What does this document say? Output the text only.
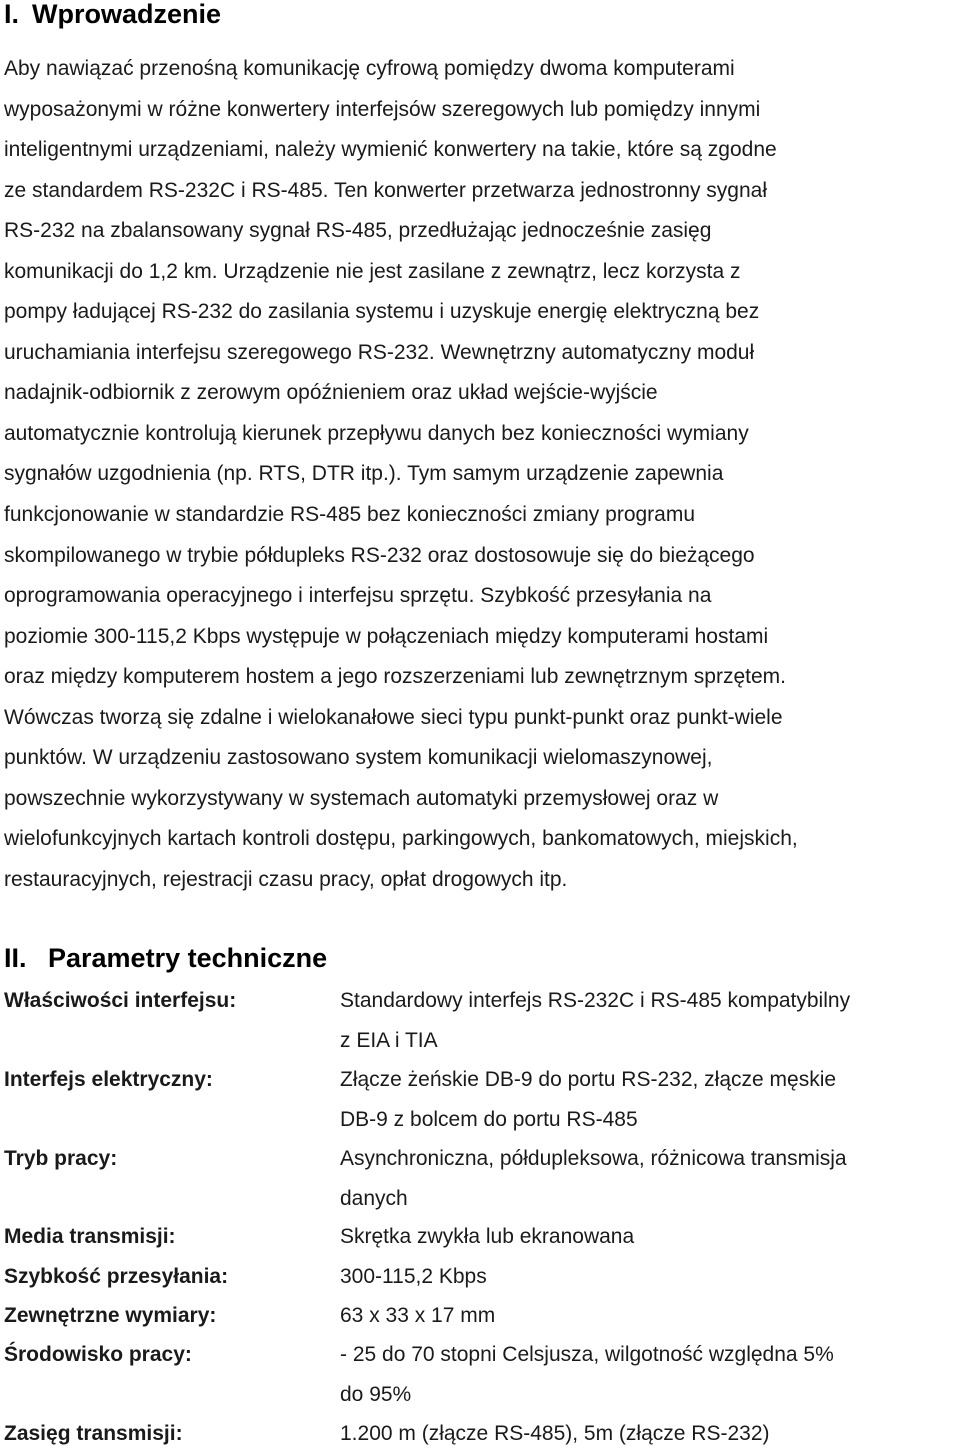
I. Wprowadzenie

Aby nawiązać przenośną komunikację cyfrową pomiędzy dwoma komputerami
wyposażonymi w różne konwertery interfejsów szeregowych lub pomiędzy innymi
inteligentnymi urządzeniami, należy wymienić konwertery na takie, które są zgodne
ze standardem RS-232C i RS-485. Ten konwerter przetwarza jednostronny sygnał
RS-232 na zbalansowany sygnał RS-485, przedłużając jednocześnie zasięg
komunikacji do 1,2 km. Urządzenie nie jest zasilane z zewnątrz, lecz korzysta z
pompy ładującej RS-232 do zasilania systemu i uzyskuje energię elektryczną bez
uruchamiania interfejsu szeregowego RS-232. Wewnętrzny automatyczny moduł
nadajnik-odbiornik z zerowym opóźnieniem oraz układ wejście-wyjście
automatycznie kontrolują kierunek przepływu danych bez konieczności wymiany
sygnałów uzgodnienia (np. RTS, DTR itp.). Tym samym urządzenie zapewnia
funkcjonowanie w standardzie RS-485 bez konieczności zmiany programu
skompilowanego w trybie półdupleks RS-232 oraz dostosowuje się do bieżącego
oprogramowania operacyjnego i interfejsu sprzętu. Szybkość przesyłania na
poziomie 300-115,2 Kbps występuje w połączeniach między komputerami hostami
oraz między komputerem hostem a jego rozszerzeniami lub zewnętrznym sprzętem.
Wówczas tworzą się zdalne i wielokanałowe sieci typu punkt-punkt oraz punkt-wiele
punktów. W urządzeniu zastosowano system komunikacji wielomaszynowej,
powszechnie wykorzystywany w systemach automatyki przemysłowej oraz w
wielofunkcyjnych kartach kontroli dostępu, parkingowych, bankomatowych, miejskich,
restauracyjnych, rejestracji czasu pracy, opłat drogowych itp.

II. Parametry techniczne
Właściwości interfejsu:	Standardowy interfejs RS-232C i RS-485 kompatybilny
z EIA i TIA
Interfejs elektryczny:	Złącze żeńskie DB-9 do portu RS-232, złącze męskie
DB-9 z bolcem do portu RS-485
Tryb pracy:	Asynchroniczna, półdupleksowa, różnicowa transmisja
danych
Media transmisji:	Skrętka zwykła lub ekranowana
Szybkość przesyłania:	300-115,2 Kbps
Zewnętrzne wymiary:	63 x 33 x 17 mm
Środowisko pracy:	- 25 do 70 stopni Celsjusza, wilgotność względna 5%
do 95%
Zasięg transmisji:	1.200 m (złącze RS-485), 5m (złącze RS-232)
